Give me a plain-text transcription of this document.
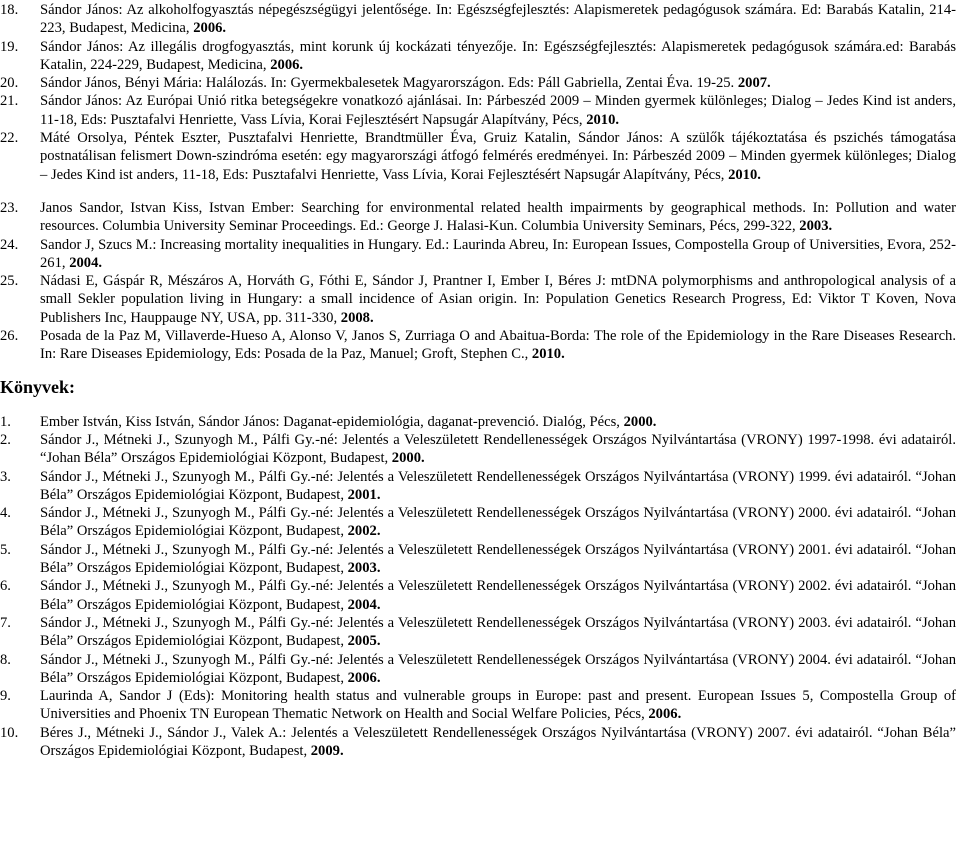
18.	Sándor János: Az alkoholfogyasztás népegészségügyi jelentősége. In: Egészségfejlesztés: Alapismeretek pedagógusok számára. Ed: Barabás Katalin, 214-223, Budapest, Medicina, 2006.
19.	Sándor János: Az illegális drogfogyasztás, mint korunk új kockázati tényezője. In: Egészségfejlesztés: Alapismeretek pedagógusok számára.ed: Barabás Katalin, 224-229, Budapest, Medicina, 2006.
20.	Sándor János, Bényi Mária: Halálozás. In: Gyermekbalesetek Magyarországon. Eds: Páll Gabriella, Zentai Éva. 19-25. 2007.
21.	Sándor János: Az Európai Unió ritka betegségekre vonatkozó ajánlásai. In: Párbeszéd 2009 – Minden gyermek különleges; Dialog – Jedes Kind ist anders, 11-18, Eds: Pusztafalvi Henriette, Vass Lívia, Korai Fejlesztésért Napsugár Alapítvány, Pécs, 2010.
22.	Máté Orsolya, Péntek Eszter, Pusztafalvi Henriette, Brandtmüller Éva, Gruiz Katalin, Sándor János: A szülők tájékoztatása és pszichés támogatása postnatálisan felismert Down-szindróma esetén: egy magyarországi átfogó felmérés eredményei. In: Párbeszéd 2009 – Minden gyermek különleges; Dialog – Jedes Kind ist anders, 11-18, Eds: Pusztafalvi Henriette, Vass Lívia, Korai Fejlesztésért Napsugár Alapítvány, Pécs, 2010.
23.	Janos Sandor, Istvan Kiss, Istvan Ember: Searching for environmental related health impairments by geographical methods. In: Pollution and water resources. Columbia University Seminar Proceedings. Ed.: George J. Halasi-Kun. Columbia University Seminars, Pécs, 299-322, 2003.
24.	Sandor J, Szucs M.: Increasing mortality inequalities in Hungary. Ed.: Laurinda Abreu, In: European Issues, Compostella Group of Universities, Evora, 252-261, 2004.
25.	Nádasi E, Gáspár R, Mészáros A, Horváth G, Fóthi E, Sándor J, Prantner I, Ember I, Béres J: mtDNA polymorphisms and anthropological analysis of a small Sekler population living in Hungary: a small incidence of Asian origin. In: Population Genetics Research Progress, Ed: Viktor T Koven, Nova Publishers Inc, Hauppauge NY, USA, pp. 311-330, 2008.
26.	Posada de la Paz M, Villaverde-Hueso A, Alonso V, Janos S, Zurriaga O and Abaitua-Borda: The role of the Epidemiology in the Rare Diseases Research. In: Rare Diseases Epidemiology, Eds: Posada de la Paz, Manuel; Groft, Stephen C., 2010.
Könyvek:
1.	Ember István, Kiss István, Sándor János: Daganat-epidemiológia, daganat-prevenció. Dialóg, Pécs, 2000.
2.	Sándor J., Métneki J., Szunyogh M., Pálfi Gy.-né: Jelentés a Veleszületett Rendellenességek Országos Nyilvántartása (VRONY) 1997-1998. évi adatairól. “Johan Béla” Országos Epidemiológiai Központ, Budapest, 2000.
3.	Sándor J., Métneki J., Szunyogh M., Pálfi Gy.-né: Jelentés a Veleszületett Rendellenességek Országos Nyilvántartása (VRONY) 1999. évi adatairól. “Johan Béla” Országos Epidemiológiai Központ, Budapest, 2001.
4.	Sándor J., Métneki J., Szunyogh M., Pálfi Gy.-né: Jelentés a Veleszületett Rendellenességek Országos Nyilvántartása (VRONY) 2000. évi adatairól. “Johan Béla” Országos Epidemiológiai Központ, Budapest, 2002.
5.	Sándor J., Métneki J., Szunyogh M., Pálfi Gy.-né: Jelentés a Veleszületett Rendellenességek Országos Nyilvántartása (VRONY) 2001. évi adatairól. “Johan Béla” Országos Epidemiológiai Központ, Budapest, 2003.
6.	Sándor J., Métneki J., Szunyogh M., Pálfi Gy.-né: Jelentés a Veleszületett Rendellenességek Országos Nyilvántartása (VRONY) 2002. évi adatairól. “Johan Béla” Országos Epidemiológiai Központ, Budapest, 2004.
7.	Sándor J., Métneki J., Szunyogh M., Pálfi Gy.-né: Jelentés a Veleszületett Rendellenességek Országos Nyilvántartása (VRONY) 2003. évi adatairól. “Johan Béla” Országos Epidemiológiai Központ, Budapest, 2005.
8.	Sándor J., Métneki J., Szunyogh M., Pálfi Gy.-né: Jelentés a Veleszületett Rendellenességek Országos Nyilvántartása (VRONY) 2004. évi adatairól. “Johan Béla” Országos Epidemiológiai Központ, Budapest, 2006.
9.	Laurinda A, Sandor J (Eds): Monitoring health status and vulnerable groups in Europe: past and present. European Issues 5, Compostella Group of Universities and Phoenix TN European Thematic Network on Health and Social Welfare Policies, Pécs, 2006.
10.	Béres J., Métneki J., Sándor J., Valek A.: Jelentés a Veleszületett Rendellenességek Országos Nyilvántartása (VRONY) 2007. évi adatairól. “Johan Béla” Országos Epidemiológiai Központ, Budapest, 2009.
